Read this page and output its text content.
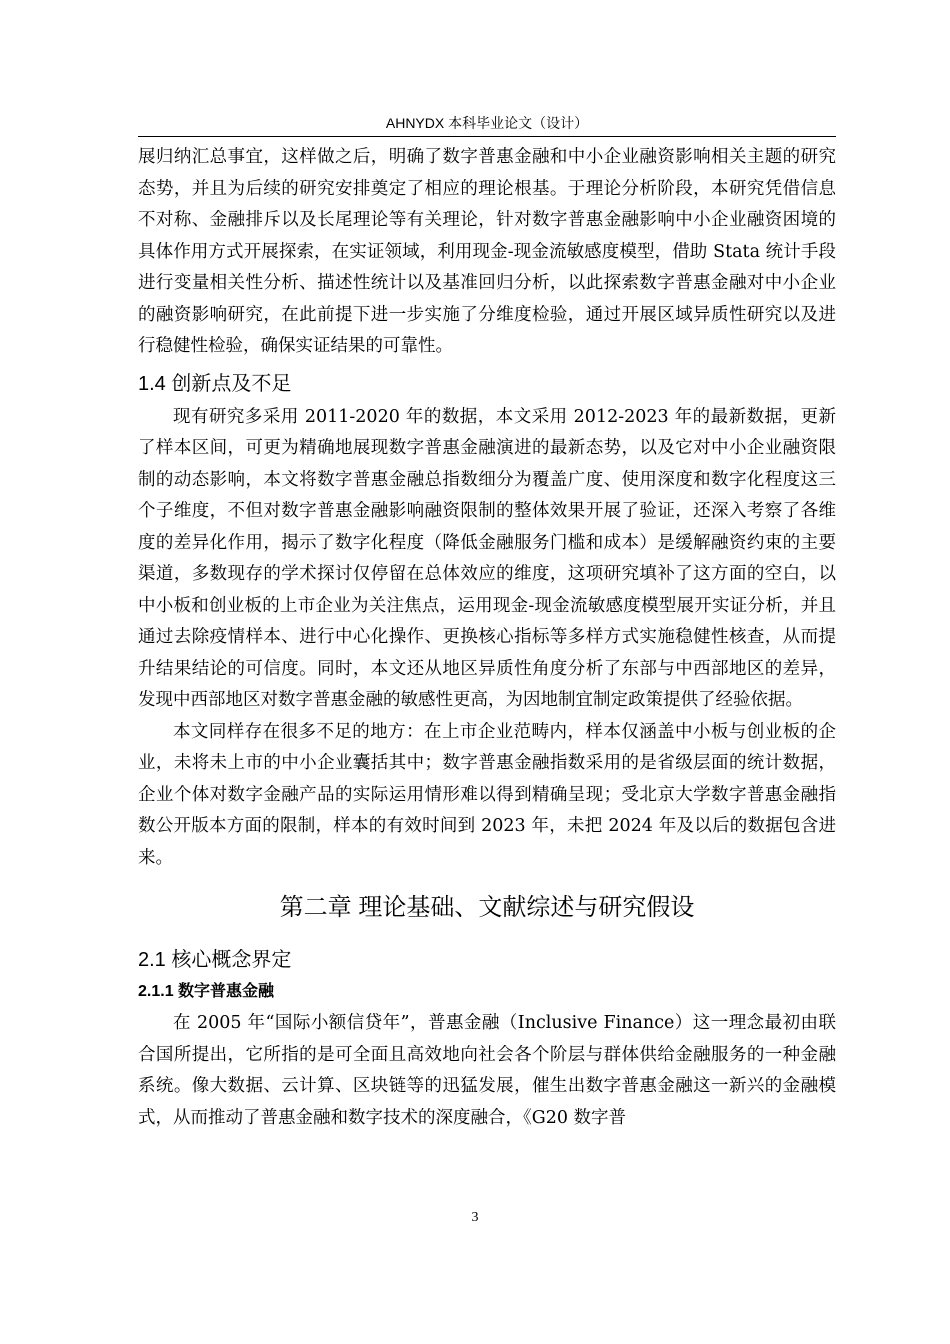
AHNYDX 本科毕业论文（设计）

展归纳汇总事宜，这样做之后，明确了数字普惠金融和中小企业融资影响相关主题的研究态势，并且为后续的研究安排奠定了相应的理论根基。于理论分析阶段，本研究凭借信息不对称、金融排斥以及长尾理论等有关理论，针对数字普惠金融影响中小企业融资困境的具体作用方式开展探索，在实证领域，利用现金-现金流敏感度模型，借助 Stata 统计手段进行变量相关性分析、描述性统计以及基准回归分析，以此探索数字普惠金融对中小企业的融资影响研究，在此前提下进一步实施了分维度检验，通过开展区域异质性研究以及进行稳健性检验，确保实证结果的可靠性。

1.4 创新点及不足

现有研究多采用 2011-2020 年的数据，本文采用 2012-2023 年的最新数据，更新了样本区间，可更为精确地展现数字普惠金融演进的最新态势，以及它对中小企业融资限制的动态影响，本文将数字普惠金融总指数细分为覆盖广度、使用深度和数字化程度这三个子维度，不但对数字普惠金融影响融资限制的整体效果开展了验证，还深入考察了各维度的差异化作用，揭示了数字化程度（降低金融服务门槛和成本）是缓解融资约束的主要渠道，多数现存的学术探讨仅停留在总体效应的维度，这项研究填补了这方面的空白，以中小板和创业板的上市企业为关注焦点，运用现金-现金流敏感度模型展开实证分析，并且通过去除疫情样本、进行中心化操作、更换核心指标等多样方式实施稳健性核查，从而提升结果结论的可信度。同时，本文还从地区异质性角度分析了东部与中西部地区的差异，发现中西部地区对数字普惠金融的敏感性更高，为因地制宜制定政策提供了经验依据。

本文同样存在很多不足的地方：在上市企业范畴内，样本仅涵盖中小板与创业板的企业，未将未上市的中小企业囊括其中；数字普惠金融指数采用的是省级层面的统计数据，企业个体对数字金融产品的实际运用情形难以得到精确呈现；受北京大学数字普惠金融指数公开版本方面的限制，样本的有效时间到 2023 年，未把 2024 年及以后的数据包含进来。

第二章 理论基础、文献综述与研究假设
2.1 核心概念界定
2.1.1 数字普惠金融

在 2005 年“国际小额信贷年”，普惠金融（Inclusive Finance）这一理念最初由联合国所提出，它所指的是可全面且高效地向社会各个阶层与群体供给金融服务的一种金融系统。像大数据、云计算、区块链等的迅猛发展，催生出数字普惠金融这一新兴的金融模式，从而推动了普惠金融和数字技术的深度融合，《G20 数字普

3
